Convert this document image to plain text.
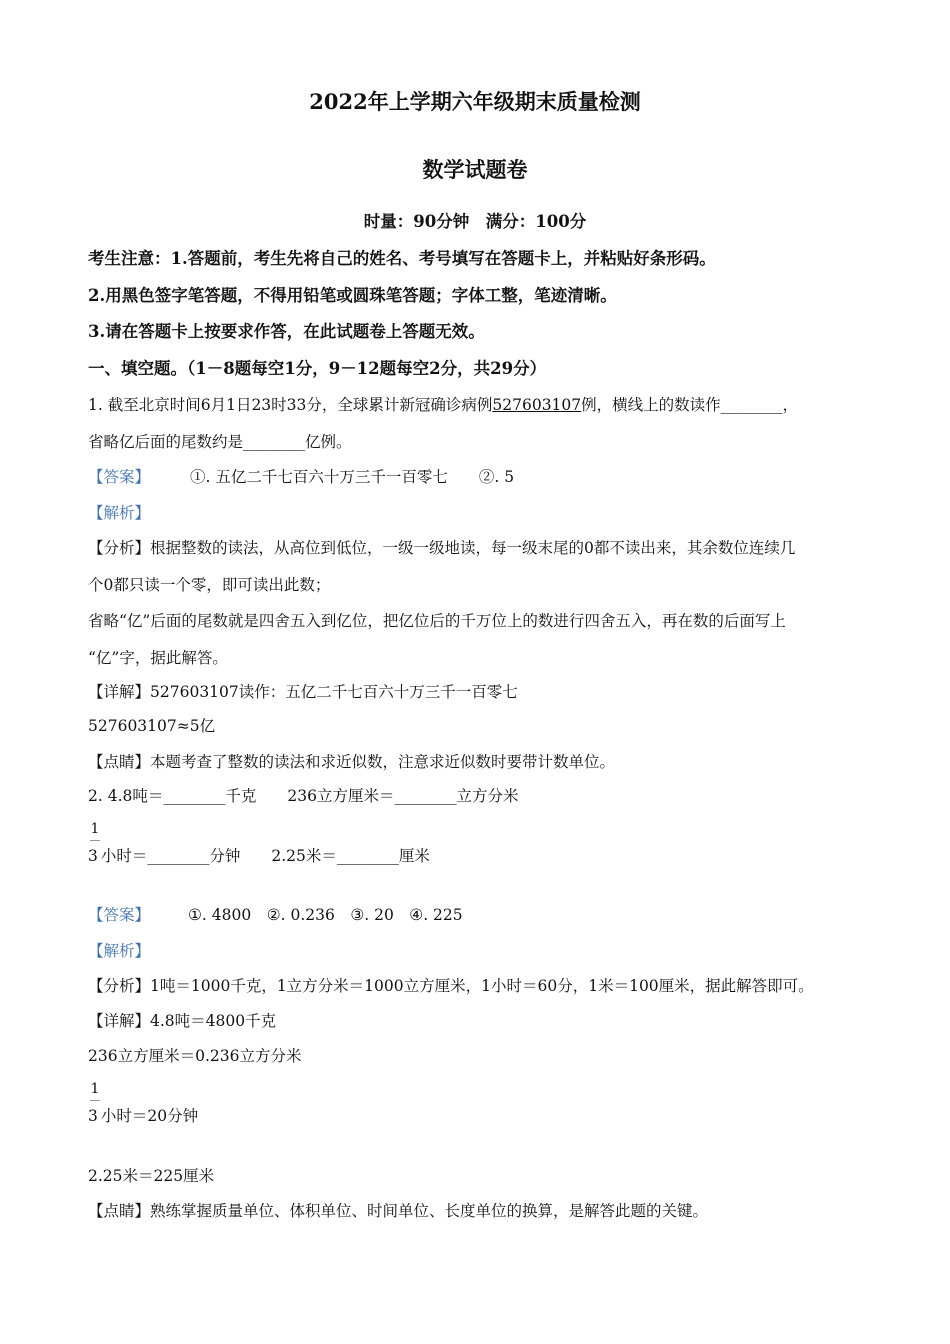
2022年上学期六年级期末质量检测
数学试题卷
时量：90分钟　满分：100分
考生注意：1.答题前，考生先将自己的姓名、考号填写在答题卡上，并粘贴好条形码。
2.用黑色签字笔答题，不得用铅笔或圆珠笔答题；字体工整，笔迹清晰。
3.请在答题卡上按要求作答，在此试题卷上答题无效。
一、填空题。（1－8题每空1分，9－12题每空2分，共29分）
1. 截至北京时间6月1日23时33分，全球累计新冠确诊病例527603107例，横线上的数读作________，
省略亿后面的尾数约是________亿例。
【答案】	①. 五亿二千七百六十万三千一百零七　　②. 5
【解析】
【分析】根据整数的读法，从高位到低位，一级一级地读，每一级末尾的0都不读出来，其余数位连续几
个0都只读一个零，即可读出此数；
省略“亿”后面的尾数就是四舍五入到亿位，把亿位后的千万位上的数进行四舍五入，再在数的后面写上
“亿”字，据此解答。
【详解】527603107读作：五亿二千七百六十万三千一百零七
527603107≈5亿
【点睛】本题考查了整数的读法和求近似数，注意求近似数时要带计数单位。
2. 4.8吨＝________千克　　236立方厘米＝________立方分米
1
3 小时＝________分钟　　2.25米＝________厘米
【答案】 ①. 4800　②. 0.236　③. 20　④. 225
【解析】
【分析】1吨＝1000千克，1立方分米＝1000立方厘米，1小时＝60分，1米＝100厘米，据此解答即可。
【详解】4.8吨＝4800千克
236立方厘米＝0.236立方分米
1
3 小时＝20分钟
2.25米＝225厘米
【点睛】熟练掌握质量单位、体积单位、时间单位、长度单位的换算，是解答此题的关键。
